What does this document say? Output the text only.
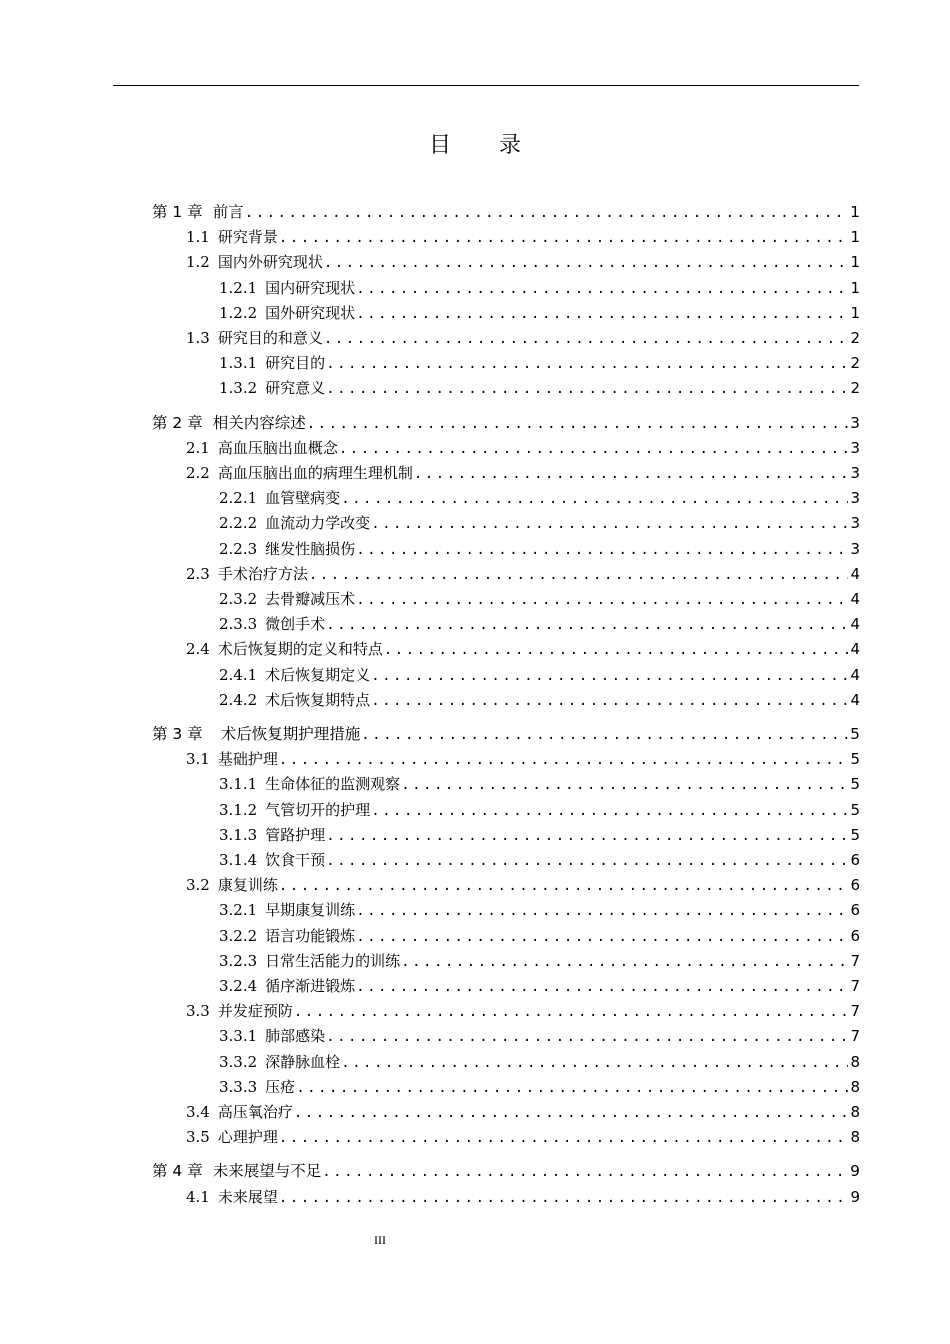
目 录
第 1 章 前言 .....	1
1.1 研究背景 .....	1
1.2 国内外研究现状 .....	1
1.2.1 国内研究现状 .....	1
1.2.2 国外研究现状 .....	1
1.3 研究目的和意义 .....	2
1.3.1 研究目的 .....	2
1.3.2 研究意义 .....	2
第 2 章 相关内容综述 .....	3
2.1 高血压脑出血概念 .....	3
2.2 高血压脑出血的病理生理机制 .....	3
2.2.1 血管壁病变 .....	3
2.2.2 血流动力学改变 .....	3
2.2.3 继发性脑损伤 .....	3
2.3 手术治疗方法 .....	4
2.3.2 去骨瓣减压术 .....	4
2.3.3 微创手术 .....	4
2.4 术后恢复期的定义和特点 .....	4
2.4.1 术后恢复期定义 .....	4
2.4.2 术后恢复期特点 .....	4
第 3 章 术后恢复期护理措施 .....	5
3.1 基础护理 .....	5
3.1.1 生命体征的监测观察 .....	5
3.1.2 气管切开的护理 .....	5
3.1.3 管路护理 .....	5
3.1.4 饮食干预 .....	6
3.2 康复训练 .....	6
3.2.1 早期康复训练 .....	6
3.2.2 语言功能锻炼 .....	6
3.2.3 日常生活能力的训练 .....	7
3.2.4 循序渐进锻炼 .....	7
3.3 并发症预防 .....	7
3.3.1 肺部感染 .....	7
3.3.2 深静脉血栓 .....	8
3.3.3 压疮 .....	8
3.4 高压氧治疗 .....	8
3.5 心理护理 .....	8
第 4 章 未来展望与不足 .....	9
4.1 未来展望 .....	9
III
